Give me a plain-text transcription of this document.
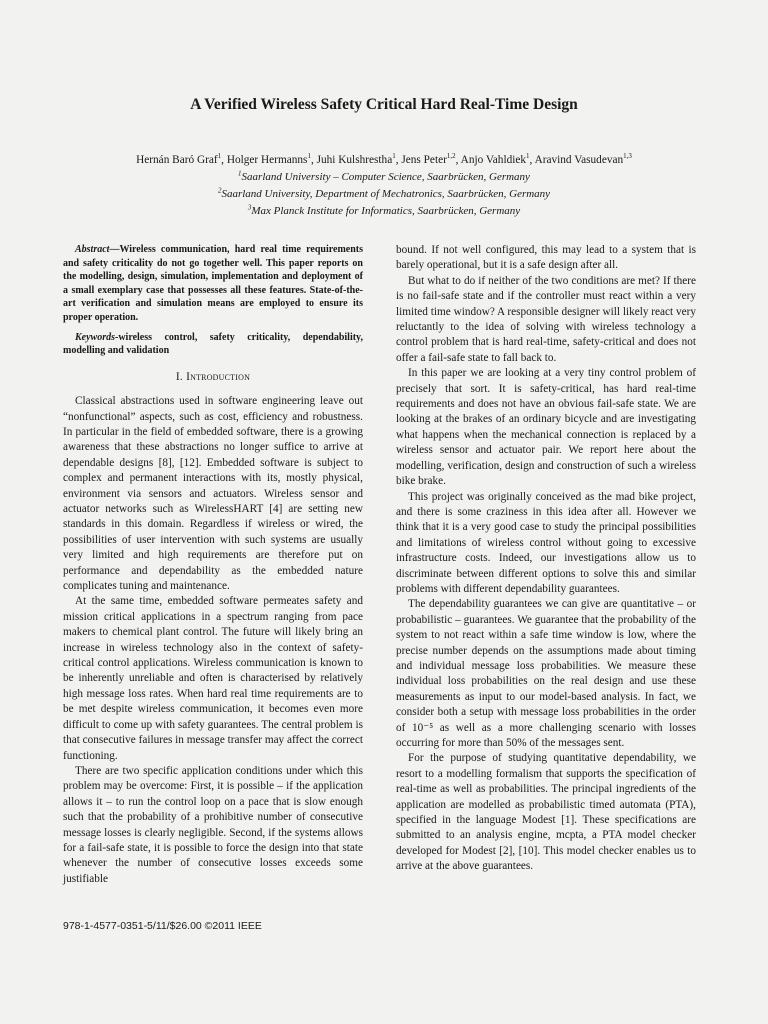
A Verified Wireless Safety Critical Hard Real-Time Design
Hernán Baró Graf$^1$, Holger Hermanns$^1$, Juhi Kulshrestha$^1$, Jens Peter$^{1,2}$, Anjo Vahldiek$^1$, Aravind Vasudevan$^{1,3}$
$^1$Saarland University – Computer Science, Saarbrücken, Germany
$^2$Saarland University, Department of Mechatronics, Saarbrücken, Germany
$^3$Max Planck Institute for Informatics, Saarbrücken, Germany

Abstract—Wireless communication, hard real time requirements and safety criticality do not go together well. This paper reports on the modelling, design, simulation, implementation and deployment of a small exemplary case that possesses all these features. State-of-the-art verification and simulation means are employed to ensure its proper operation.

Keywords-wireless control, safety criticality, dependability, modelling and validation

I. Introduction

Classical abstractions used in software engineering leave out “nonfunctional” aspects, such as cost, efficiency and robustness. In particular in the field of embedded software, there is a growing awareness that these abstractions no longer suffice to arrive at dependable designs [8], [12]. Embedded software is subject to complex and permanent interactions with its, mostly physical, environment via sensors and actuators. Wireless sensor and actuator networks such as WirelessHART [4] are setting new standards in this domain. Regardless if wireless or wired, the possibilities of user intervention with such systems are usually very limited and high requirements are therefore put on performance and dependability as the embedded nature complicates tuning and maintenance.

At the same time, embedded software permeates safety and mission critical applications in a spectrum ranging from pace makers to chemical plant control. The future will likely bring an increase in wireless technology also in the context of safety-critical control applications. Wireless communication is known to be inherently unreliable and often is characterised by relatively high message loss rates. When hard real time requirements are to be met despite wireless communication, it becomes even more difficult to come up with safety guarantees. The central problem is that consecutive failures in message transfer may affect the correct functioning.

There are two specific application conditions under which this problem may be overcome: First, it is possible – if the application allows it – to run the control loop on a pace that is slow enough such that the probability of a prohibitive number of consecutive message losses is clearly negligible. Second, if the systems allows for a fail-safe state, it is possible to force the design into that state whenever the number of consecutive losses exceeds some justifiable

bound. If not well configured, this may lead to a system that is barely operational, but it is a safe design after all.

But what to do if neither of the two conditions are met? If there is no fail-safe state and if the controller must react within a very limited time window? A responsible designer will likely react very reluctantly to the idea of solving with wireless technology a control problem that is hard real-time, safety-critical and does not offer a fail-safe state to fall back to.

In this paper we are looking at a very tiny control problem of precisely that sort. It is safety-critical, has hard real-time requirements and does not have an obvious fail-safe state. We are looking at the brakes of an ordinary bicycle and are investigating what happens when the mechanical connection is replaced by a wireless sensor and actuator pair. We report here about the modelling, verification, design and construction of such a wireless bike brake.

This project was originally conceived as the mad bike project, and there is some craziness in this idea after all. However we think that it is a very good case to study the principal possibilities and limitations of wireless control without going to excessive infrastructure costs. Indeed, our investigations allow us to discriminate between different options to solve this and similar problems with different dependability guarantees.

The dependability guarantees we can give are quantitative – or probabilistic – guarantees. We guarantee that the probability of the system to not react within a safe time window is low, where the precise number depends on the assumptions made about timing and individual message loss probabilities. We measure these individual loss probabilities on the real design and use these measurements as input to our model-based analysis. In fact, we consider both a setup with message loss probabilities in the order of 10⁻⁵ as well as a more challenging scenario with losses occurring for more than 50% of the messages sent.

For the purpose of studying quantitative dependability, we resort to a modelling formalism that supports the specification of real-time as well as probabilities. The principal ingredients of the application are modelled as probabilistic timed automata (PTA), specified in the language Modest [1]. These specifications are submitted to an analysis engine, mcpta, a PTA model checker developed for Modest [2], [10]. This model checker enables us to arrive at the above guarantees.

978-1-4577-0351-5/11/$26.00 ©2011 IEEE
